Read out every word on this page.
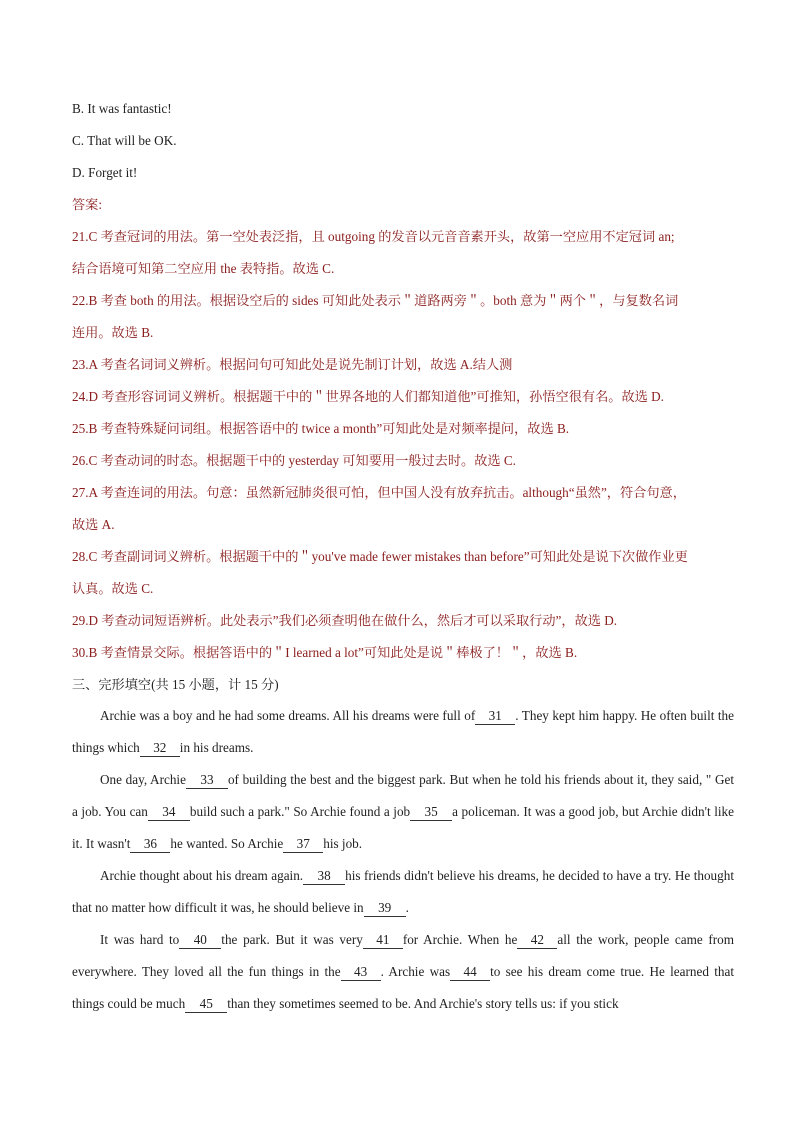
B. It was fantastic!
C. That will be OK.
D. Forget it!
答案:
21.C 考查冠词的用法。第一空处表泛指，且 outgoing 的发音以元音音素开头，故第一空应用不定冠词 an;
结合语境可知第二空应用 the 表特指。故选 C.
22.B 考查 both 的用法。根据设空后的 sides 可知此处表示＂道路两旁＂。both 意为＂两个＂，与复数名词
连用。故选 B.
23.A 考查名词词义辨析。根据问句可知此处是说先制订计划，故选 A.结人测
24.D 考查形容词词义辨析。根据题干中的＂世界各地的人们都知道他”可推知，孙悟空很有名。故选 D.
25.B 考查特殊疑问词组。根据答语中的 twice a month”可知此处是对频率提问，故选 B.
26.C 考查动词的时态。根据题干中的 yesterday 可知要用一般过去时。故选 C.
27.A 考查连词的用法。句意：虽然新冠肺炎很可怕，但中国人没有放弃抗击。although“虽然”，符合句意，
故选 A.
28.C 考查副词词义辨析。根据题干中的＂you've made fewer mistakes than before”可知此处是说下次做作业更
认真。故选 C.
29.D 考查动词短语辨析。此处表示”我们必须查明他在做什么，然后才可以采取行动”，故选 D.
30.B 考查情景交际。根据答语中的＂I learned a lot”可知此处是说＂棒极了！＂，故选 B.
三、完形填空(共 15 小题，计 15 分)
Archie was a boy and he had some dreams. All his dreams were full of 31 . They kept him happy. He often built the things which 32 in his dreams.
One day, Archie 33 of building the best and the biggest park. But when he told his friends about it, they said, " Get a job. You can 34 build such a park." So Archie found a job 35 a policeman. It was a good job, but Archie didn't like it. It wasn't 36 he wanted. So Archie 37 his job.
Archie thought about his dream again. 38 his friends didn't believe his dreams, he decided to have a try. He thought that no matter how difficult it was, he should believe in 39 .
It was hard to 40 the park. But it was very 41 for Archie. When he 42 all the work, people came from everywhere. They loved all the fun things in the 43 . Archie was 44 to see his dream come true. He learned that things could be much 45 than they sometimes seemed to be. And Archie's story tells us: if you stick
